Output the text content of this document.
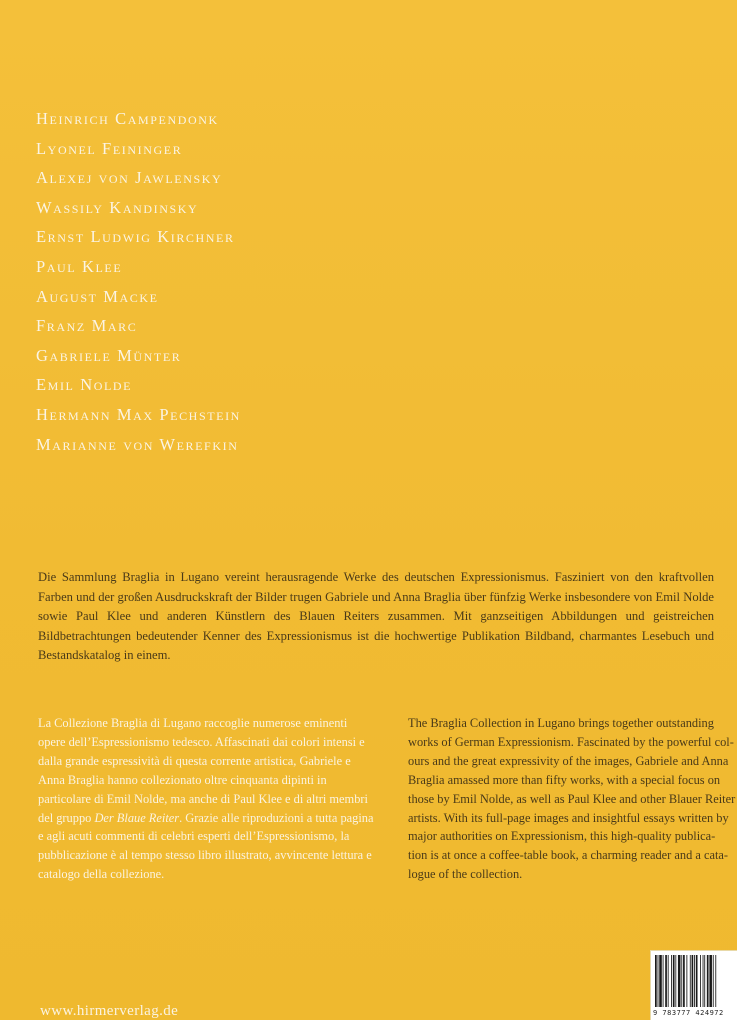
Heinrich Campendonk
Lyonel Feininger
Alexej von Jawlensky
Wassily Kandinsky
Ernst Ludwig Kirchner
Paul Klee
August Macke
Franz Marc
Gabriele Münter
Emil Nolde
Hermann Max Pechstein
Marianne von Werefkin

Die Sammlung Braglia in Lugano vereint herausragende Werke des deutschen Expressionismus. Fasziniert von den kraftvollen Farben und der großen Ausdruckskraft der Bilder trugen Gabriele und Anna Braglia über fünfzig Werke insbesondere von Emil Nolde sowie Paul Klee und anderen Künstlern des Blauen Reiters zusammen. Mit ganzseitigen Abbildungen und geistreichen Bildbetrachtungen bedeutender Kenner des Expressionismus ist die hochwertige Publikation Bildband, charmantes Lesebuch und Bestandskatalog in einem.

La Collezione Braglia di Lugano raccoglie numerose eminenti opere dell’Espressionismo tedesco. Affascinati dai colori intensi e dalla grande espressività di questa corrente artistica, Gabriele e Anna Braglia hanno collezionato oltre cinquanta dipinti in particolare di Emil Nolde, ma anche di Paul Klee e di altri membri del gruppo Der Blaue Reiter. Grazie alle riproduzioni a tutta pagina e agli acuti commenti di celebri esperti dell’Espressionismo, la pubblicazione è al tempo stesso libro illustrato, avvincente lettura e catalogo della collezione.

The Braglia Collection in Lugano brings together outstanding
works of German Expressionism. Fascinated by the powerful col-
ours and the great expressivity of the images, Gabriele and Anna
Braglia amassed more than fifty works, with a special focus on
those by Emil Nolde, as well as Paul Klee and other Blauer Reiter
artists. With its full-page images and insightful essays written by
major authorities on Expressionism, this high-quality publica-
tion is at once a coffee-table book, a charming reader and a cata-
logue of the collection.
www.hirmerverlag.de	9 783777 424972
